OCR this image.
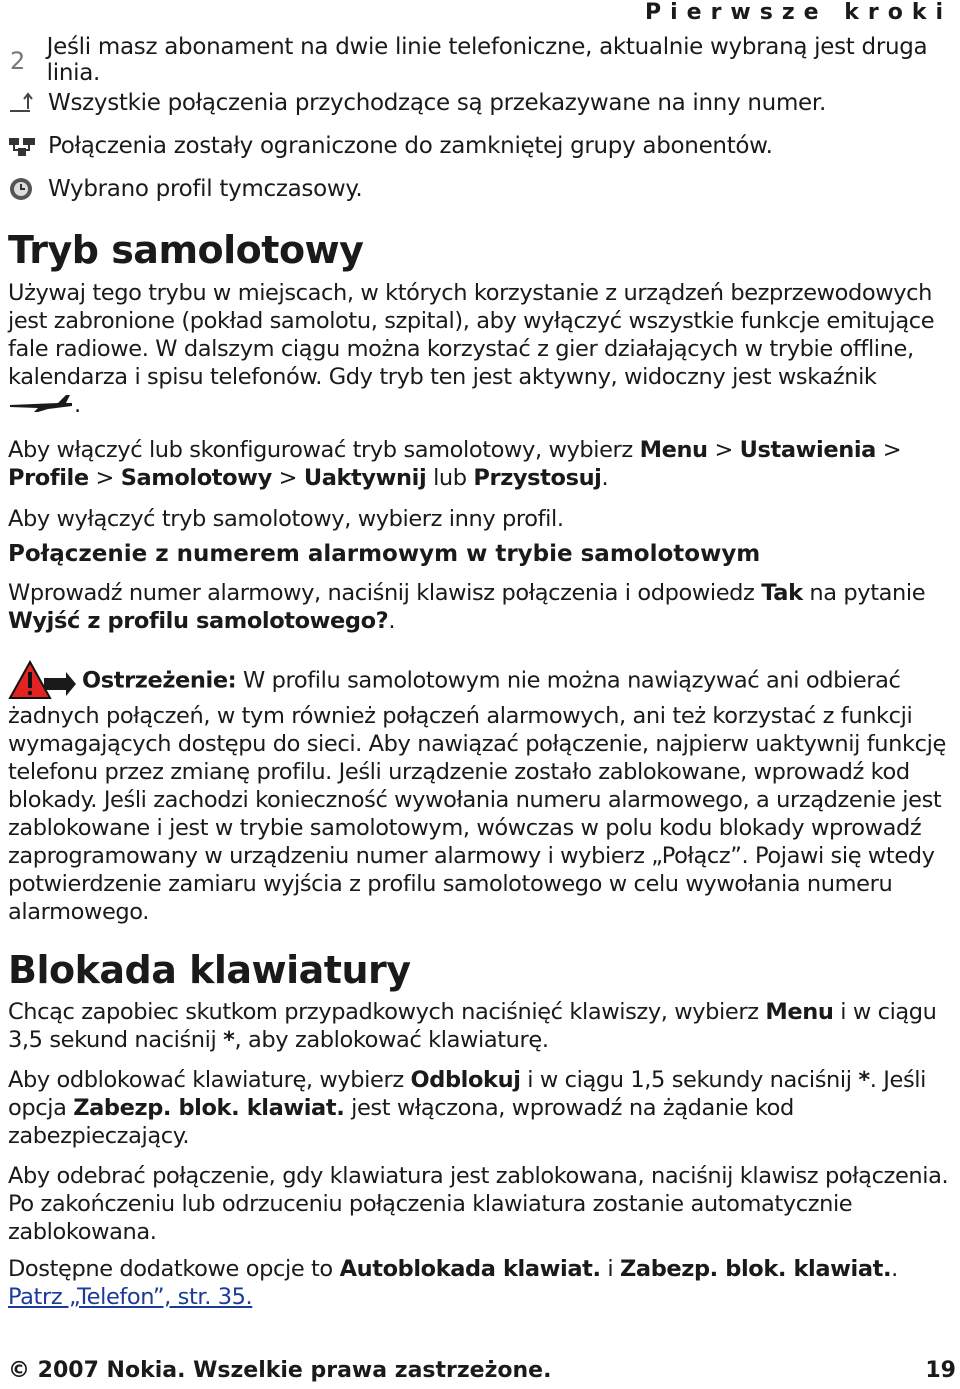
Pierwsze kroki
2 Jeśli masz abonament na dwie linie telefoniczne, aktualnie wybraną jest druga linia.
Wszystkie połączenia przychodzące są przekazywane na inny numer.
Połączenia zostały ograniczone do zamkniętej grupy abonentów.
Wybrano profil tymczasowy.
Tryb samolotowy

Używaj tego trybu w miejscach, w których korzystanie z urządzeń bezprzewodowych jest zabronione (pokład samolotu, szpital), aby wyłączyć wszystkie funkcje emitujące fale radiowe. W dalszym ciągu można korzystać z gier działających w trybie offline, kalendarza i spisu telefonów. Gdy tryb ten jest aktywny, widoczny jest wskaźnik
.

Aby włączyć lub skonfigurować tryb samolotowy, wybierz Menu > Ustawienia > Profile > Samolotowy > Uaktywnij lub Przystosuj.

Aby wyłączyć tryb samolotowy, wybierz inny profil.

Połączenie z numerem alarmowym w trybie samolotowym

Wprowadź numer alarmowy, naciśnij klawisz połączenia i odpowiedz Tak na pytanie Wyjść z profilu samolotowego?.

Ostrzeżenie: W profilu samolotowym nie można nawiązywać ani odbierać żadnych połączeń, w tym również połączeń alarmowych, ani też korzystać z funkcji wymagających dostępu do sieci. Aby nawiązać połączenie, najpierw uaktywnij funkcję telefonu przez zmianę profilu. Jeśli urządzenie zostało zablokowane, wprowadź kod blokady. Jeśli zachodzi konieczność wywołania numeru alarmowego, a urządzenie jest zablokowane i jest w trybie samolotowym, wówczas w polu kodu blokady wprowadź zaprogramowany w urządzeniu numer alarmowy i wybierz „Połącz”. Pojawi się wtedy potwierdzenie zamiaru wyjścia z profilu samolotowego w celu wywołania numeru alarmowego.

Blokada klawiatury

Chcąc zapobiec skutkom przypadkowych naciśnięć klawiszy, wybierz Menu i w ciągu 3,5 sekund naciśnij *, aby zablokować klawiaturę.

Aby odblokować klawiaturę, wybierz Odblokuj i w ciągu 1,5 sekundy naciśnij *. Jeśli opcja Zabezp. blok. klawiat. jest włączona, wprowadź na żądanie kod zabezpieczający.

Aby odebrać połączenie, gdy klawiatura jest zablokowana, naciśnij klawisz połączenia. Po zakończeniu lub odrzuceniu połączenia klawiatura zostanie automatycznie zablokowana.

Dostępne dodatkowe opcje to Autoblokada klawiat. i Zabezp. blok. klawiat.. Patrz „Telefon”, str. 35.

© 2007 Nokia. Wszelkie prawa zastrzeżone.	19
